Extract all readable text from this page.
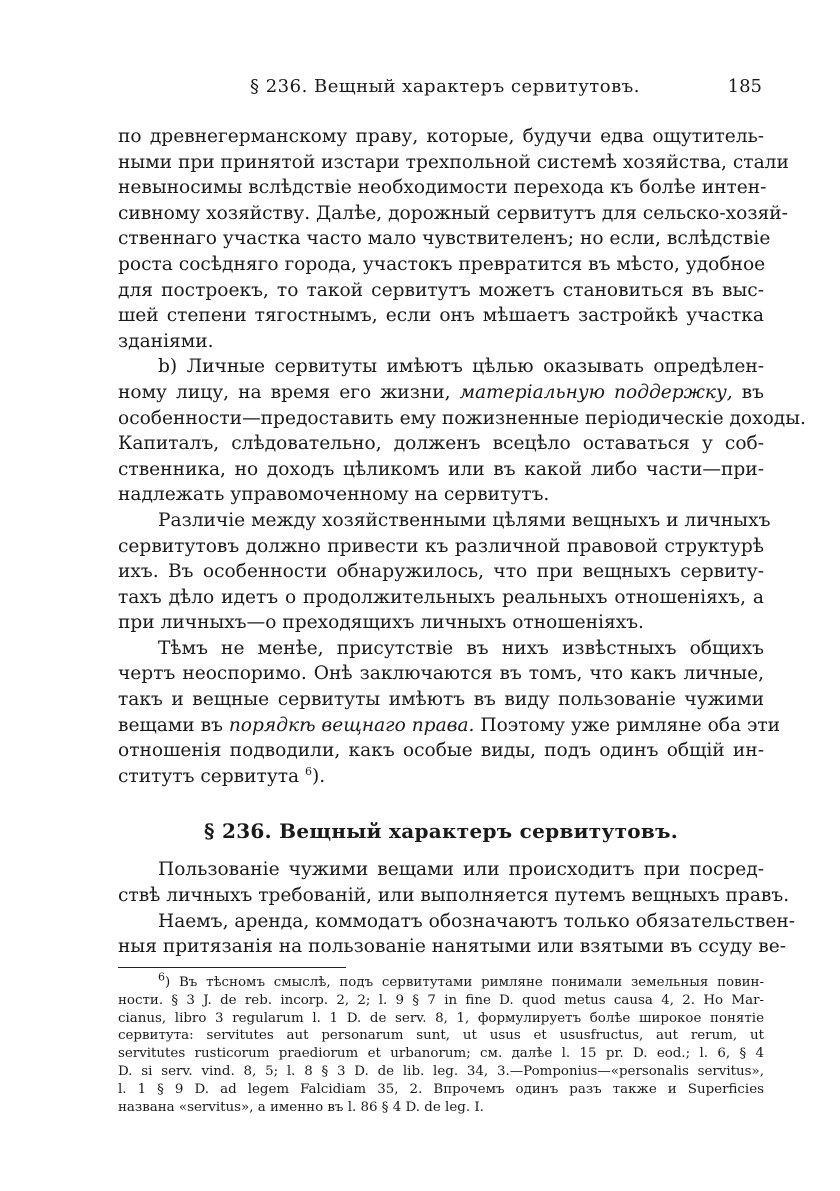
§ 236. Вещный характеръ сервитутовъ.	185

по древнегерманскому праву, которые, будучи едва ощутитель-
ными при принятой изстари трехпольной системѣ хозяйства, стали
невыносимы вслѣдствіе необходимости перехода къ болѣе интен-
сивному хозяйству. Далѣе, дорожный сервитутъ для сельско-хозяй-
ственнаго участка часто мало чувствителенъ; но если, вслѣдствіе
роста сосѣдняго города, участокъ превратится въ мѣсто, удобное
для построекъ, то такой сервитутъ можетъ становиться въ выс-
шей степени тягостнымъ, если онъ мѣшаетъ застройкѣ участка
зданіями.

b) Личные сервитуты имѣютъ цѣлью оказывать опредѣлен-
ному лицу, на время его жизни, матеріальную поддержку, въ
особенности—предоставить ему пожизненные періодическіе доходы.
Капиталъ, слѣдовательно, долженъ всецѣло оставаться у соб-
ственника, но доходъ цѣликомъ или въ какой либо части—при-
надлежать управомоченному на сервитутъ.

Различіе между хозяйственными цѣлями вещныхъ и личныхъ
сервитутовъ должно привести къ различной правовой структурѣ
ихъ. Въ особенности обнаружилось, что при вещныхъ сервиту-
тахъ дѣло идетъ о продолжительныхъ реальныхъ отношеніяхъ, а
при личныхъ—о преходящихъ личныхъ отношеніяхъ.

Тѣмъ не менѣе, присутствіе въ нихъ извѣстныхъ общихъ
чертъ неоспоримо. Онѣ заключаются въ томъ, что какъ личные,
такъ и вещные сервитуты имѣютъ въ виду пользованіе чужими
вещами въ порядкѣ вещнаго права. Поэтому уже римляне оба эти
отношенія подводили, какъ особые виды, подъ одинъ общій ин-
ститутъ сервитута $^6$).

§ 236. Вещный характеръ сервитутовъ.

Пользованіе чужими вещами или происходитъ при посред-
ствѣ личныхъ требованій, или выполняется путемъ вещныхъ правъ.

Наемъ, аренда, коммодатъ обозначаютъ только обязательствен-
ныя притязанія на пользованіе нанятыми или взятыми въ ссуду ве-

$^6$) Въ тѣсномъ смыслѣ, подъ сервитутами римляне понимали земельныя повин-
ности. § 3 J. de reb. incorp. 2, 2; l. 9 § 7 in fine D. quod metus causa 4, 2. Но Mar-
cianus, libro 3 regularum l. 1 D. de serv. 8, 1, формулируетъ болѣе широкое понятіе
сервитута: servitutes aut personarum sunt, ut usus et ususfructus, aut rerum, ut
servitutes rusticorum praediorum et urbanorum; см. далѣе l. 15 pr. D. eod.; l. 6, § 4
D. si serv. vind. 8, 5; l. 8 § 3 D. de lib. leg. 34, 3.—Pomponius—«personalis servitus»,
l. 1 § 9 D. ad legem Falcidiam 35, 2. Впрочемъ одинъ разъ также и Superficies
названа «servitus», а именно въ l. 86 § 4 D. de leg. I.
